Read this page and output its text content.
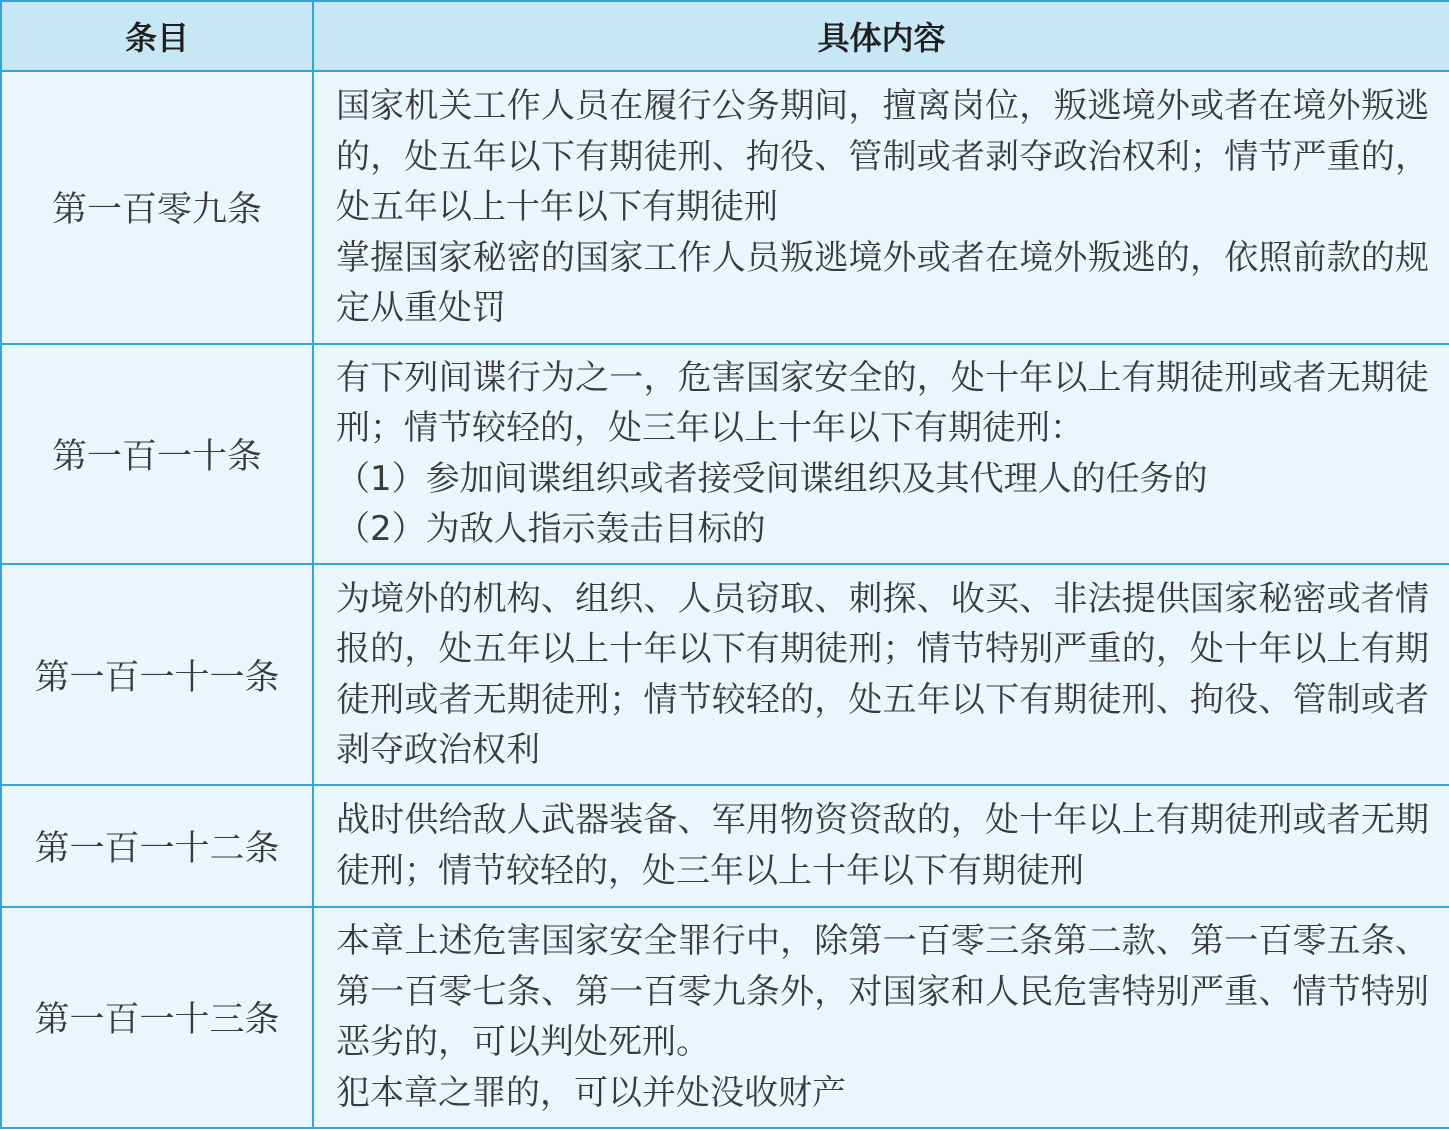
条目	具体内容
第一百零九条	国家机关工作人员在履行公务期间，擅离岗位，叛逃境外或者在境外叛逃的，处五年以下有期徒刑、拘役、管制或者剥夺政治权利；情节严重的，处五年以上十年以下有期徒刑
掌握国家秘密的国家工作人员叛逃境外或者在境外叛逃的，依照前款的规定从重处罚

第一百一十条	有下列间谍行为之一，危害国家安全的，处十年以上有期徒刑或者无期徒刑；情节较轻的，处三年以上十年以下有期徒刑：
（1）参加间谍组织或者接受间谍组织及其代理人的任务的
（2）为敌人指示轰击目标的

第一百一十一条	为境外的机构、组织、人员窃取、刺探、收买、非法提供国家秘密或者情报的，处五年以上十年以下有期徒刑；情节特别严重的，处十年以上有期徒刑或者无期徒刑；情节较轻的，处五年以下有期徒刑、拘役、管制或者剥夺政治权利

第一百一十二条	战时供给敌人武器装备、军用物资资敌的，处十年以上有期徒刑或者无期徒刑；情节较轻的，处三年以上十年以下有期徒刑

第一百一十三条	本章上述危害国家安全罪行中，除第一百零三条第二款、第一百零五条、第一百零七条、第一百零九条外，对国家和人民危害特别严重、情节特别恶劣的，可以判处死刑。
犯本章之罪的，可以并处没收财产
